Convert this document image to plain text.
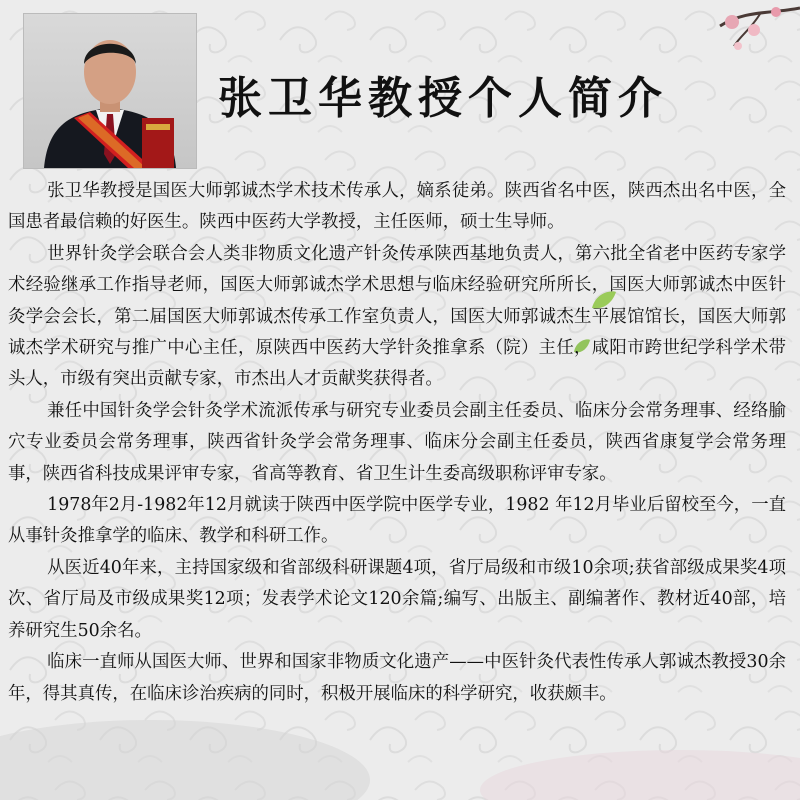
张卫华教授个人简介

张卫华教授是国医大师郭诚杰学术技术传承人，嫡系徒弟。陕西省名中医，陕西杰出名中医，全国患者最信赖的好医生。陕西中医药大学教授，主任医师，硕士生导师。

世界针灸学会联合会人类非物质文化遗产针灸传承陕西基地负责人，第六批全省老中医药专家学术经验继承工作指导老师，国医大师郭诚杰学术思想与临床经验研究所所长，国医大师郭诚杰中医针灸学会会长，第二届国医大师郭诚杰传承工作室负责人，国医大师郭诚杰生平展馆馆长，国医大师郭诚杰学术研究与推广中心主任，原陕西中医药大学针灸推拿系（院）主任，咸阳市跨世纪学科学术带头人，市级有突出贡献专家，市杰出人才贡献奖获得者。

兼任中国针灸学会针灸学术流派传承与研究专业委员会副主任委员、临床分会常务理事、经络腧穴专业委员会常务理事，陕西省针灸学会常务理事、临床分会副主任委员，陕西省康复学会常务理事，陕西省科技成果评审专家，省高等教育、省卫生计生委高级职称评审专家。

1978年2月-1982年12月就读于陕西中医学院中医学专业，1982 年12月毕业后留校至今，一直从事针灸推拿学的临床、教学和科研工作。

从医近40年来，主持国家级和省部级科研课题4项，省厅局级和市级10余项;获省部级成果奖4项次、省厅局及市级成果奖12项；发表学术论文120余篇;编写、出版主、副编著作、教材近40部，培养研究生50余名。

临床一直师从国医大师、世界和国家非物质文化遗产——中医针灸代表性传承人郭诚杰教授30余年，得其真传，在临床诊治疾病的同时，积极开展临床的科学研究，收获颇丰。
